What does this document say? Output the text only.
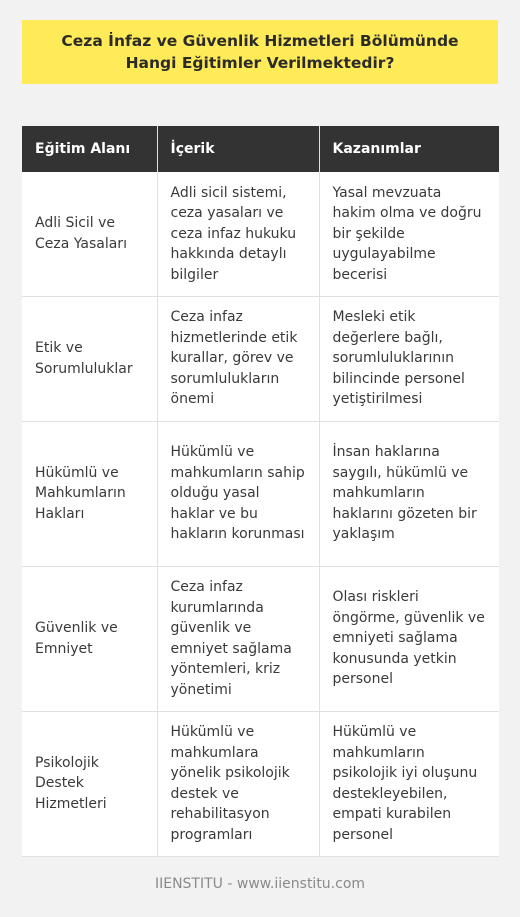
Ceza İnfaz ve Güvenlik Hizmetleri Bölümünde Hangi Eğitimler Verilmektedir?
Eğitim Alanı	İçerik	Kazanımlar
Adli Sicil ve Ceza Yasaları	Adli sicil sistemi, ceza yasaları ve ceza infaz hukuku hakkında detaylı bilgiler	Yasal mevzuata hakim olma ve doğru bir şekilde uygulayabilme becerisi
Etik ve Sorumluluklar	Ceza infaz hizmetlerinde etik kurallar, görev ve sorumlulukların önemi	Mesleki etik değerlere bağlı, sorumluluklarının bilincinde personel yetiştirilmesi
Hükümlü ve Mahkumların Hakları	Hükümlü ve mahkumların sahip olduğu yasal haklar ve bu hakların korunması	İnsan haklarına saygılı, hükümlü ve mahkumların haklarını gözeten bir yaklaşım
Güvenlik ve Emniyet	Ceza infaz kurumlarında güvenlik ve emniyet sağlama yöntemleri, kriz yönetimi	Olası riskleri öngörme, güvenlik ve emniyeti sağlama konusunda yetkin personel
Psikolojik Destek Hizmetleri	Hükümlü ve mahkumlara yönelik psikolojik destek ve rehabilitasyon programları	Hükümlü ve mahkumların psikolojik iyi oluşunu destekleyebilen, empati kurabilen personel
IIENSTITU - www.iienstitu.com
